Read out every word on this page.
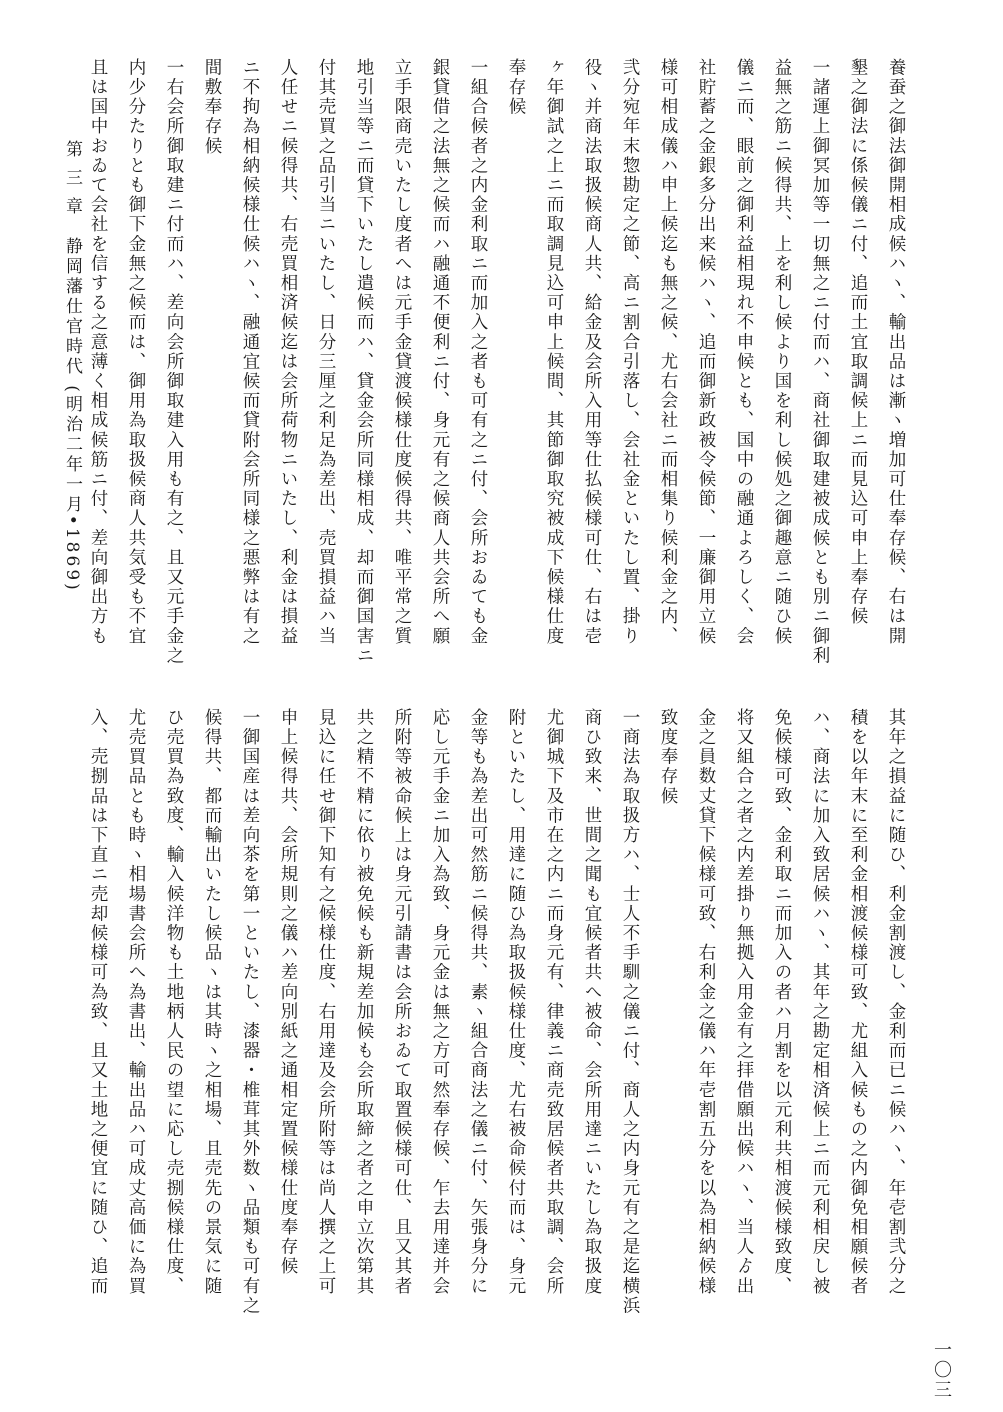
養蚕之御法御開相成候ハヽ、輸出品は漸ヽ増加可仕奉存候、右は開
墾之御法に係候儀ニ付、追而土宜取調候上ニ而見込可申上奉存候
一諸運上御冥加等一切無之ニ付而ハ、商社御取建被成候とも別ニ御利
益無之筋ニ候得共、上を利し候より国を利し候処之御趣意ニ随ひ候
儀ニ而、眼前之御利益相現れ不申候とも、国中の融通よろしく、会
社貯蓄之金銀多分出来候ハヽ、追而御新政被令候節、一廉御用立候
様可相成儀ハ申上候迄も無之候、尤右会社ニ而相集り候利金之内、
弐分宛年末惣勘定之節、高ニ割合引落し、会社金といたし置、掛り
役ヽ并商法取扱候商人共、給金及会所入用等仕払候様可仕、右は壱
ヶ年御試之上ニ而取調見込可申上候間、其節御取究被成下候様仕度
奉存候
一組合候者之内金利取ニ而加入之者も可有之ニ付、会所おゐても金
銀貸借之法無之候而ハ融通不便利ニ付、身元有之候商人共会所へ願
立手限商売いたし度者へは元手金貸渡候様仕度候得共、唯平常之質
地引当等ニ而貸下いたし遣候而ハ、貸金会所同様相成、却而御国害ニ
付其売買之品引当ニいたし、日分三厘之利足為差出、売買損益ハ当
人任せニ候得共、右売買相済候迄は会所荷物ニいたし、利金は損益
ニ不拘為相納候様仕候ハヽ、融通宜候而貸附会所同様之悪弊は有之
間敷奉存候
一右会所御取建ニ付而ハ、差向会所御取建入用も有之、且又元手金之
内少分たりとも御下金無之候而は、御用為取扱候商人共気受も不宜
且は国中おゐて会社を信する之意薄く相成候筋ニ付、差向御出方も
其年之損益に随ひ、利金割渡し、金利而已ニ候ハヽ、年壱割弐分之
積を以年末に至利金相渡候様可致、尤組入候もの之内御免相願候者
ハ、商法に加入致居候ハヽ、其年之勘定相済候上ニ而元利相戻し被
免候様可致、金利取ニ而加入の者ハ月割を以元利共相渡候様致度、
将又組合之者之内差掛り無拠入用金有之拝借願出候ハヽ、当人ゟ出
金之員数丈貸下候様可致、右利金之儀ハ年壱割五分を以為相納候様
致度奉存候
一商法為取扱方ハ、士人不手馴之儀ニ付、商人之内身元有之是迄横浜
商ひ致来、世間之聞も宜候者共へ被命、会所用達ニいたし為取扱度
尤御城下及市在之内ニ而身元有、律義ニ商売致居候者共取調、会所
附といたし、用達に随ひ為取扱候様仕度、尤右被命候付而は、身元
金等も為差出可然筋ニ候得共、素ヽ組合商法之儀ニ付、矢張身分に
応し元手金ニ加入為致、身元金は無之方可然奉存候、乍去用達并会
所附等被命候上は身元引請書は会所おゐて取置候様可仕、且又其者
共之精不精に依り被免候も新規差加候も会所取締之者之申立次第其
見込に任せ御下知有之候様仕度、右用達及会所附等は尚人撰之上可
申上候得共、会所規則之儀ハ差向別紙之通相定置候様仕度奉存候
一御国産は差向茶を第一といたし、漆器・椎茸其外数ヽ品類も可有之
候得共、都而輸出いたし候品ヽは其時ヽ之相場、且売先の景気に随
ひ売買為致度、輸入候洋物も土地柄人民の望に応し売捌候様仕度、
尤売買品とも時ヽ相場書会所へ為書出、輸出品ハ可成丈高価に為買
入、売捌品は下直ニ売却候様可為致、且又土地之便宜に随ひ、追而
第 三 章　静岡藩仕官時代 (明治二年一月•1869)
一〇三
